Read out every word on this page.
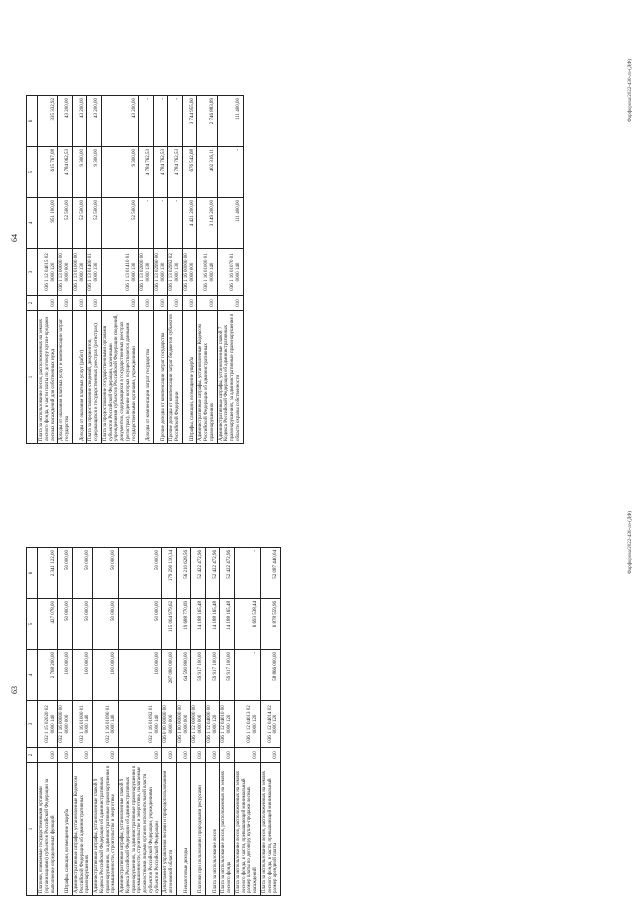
64
1	2	3	4	5	6
Плата за использование лесов, расположенных на землях лесного фонда, в части платы по договору купли-продажи лесных насаждений для собственных нужд	010	036 1 12 04015 02 0000 120	951 100,00	615 767,08	335 332,92
Доходы от оказания платных услуг и компенсации затрат государства	010	036 1 13 00000 00 0000 000	52 500,00	4 784 062,53	43 200,00
Доходы от оказания платных услуг (работ)	010	036 1 13 01000 00 0000 130	52 500,00	9 300,00	43 200,00
Плата за предоставление сведений, документов, содержащихся в государственных реестрах (регистрах)	010	036 1 13 01400 01 0000 130	52 500,00	9 300,00	43 200,00
Плата за предоставление государственными органами субъектов Российской Федерации, казенными учреждениями субъектов Российской Федерации сведений, документов, содержащихся в государственных реестрах (регистрах), ведение которых осуществляется данными государственными органами, учреждениями	010	036 1 13 01410 01 0000 130	52 500,00	9 300,00	43 200,00
Доходы от компенсации затрат государства	010	036 1 13 02000 00 0000 130	-	4 784 762,53	-
Прочие доходы от компенсации затрат государства	010	036 1 13 02990 00 0000 130	-	4 784 762,53	-
Прочие доходы от компенсации затрат бюджетов субъектов Российской Федерации	010	036 1 13 02992 02 0000 130	-	4 784 762,53	-
Штрафы, санкции, возмещение ущерба	010	036 1 16 00000 00 0000 000	4 421 200,00	676 542,68	3 744 955,60
Административные штрафы, установленные Кодексом Российской Федерации об административных правонарушениях	010	036 1 16 01000 01 0000 140	3 149 200,00	402 316,11	2 746 883,89
Административные штрафы, установленные главой 7 Кодекса Российской Федерации об административных правонарушениях, за административные правонарушения в области охраны собственности	010	036 1 16 01070 01 0000 140	111 400,00	-	111 400,00	Фарфорова/2022-430-лз-(ДФ)
63
1	2	3	4	5	6
Платежи, взимаемые государственными органами (организациями) субъектов Российской Федерации за выполнение определенных функций	010	032 1 15 02020 02 0000 140	2 768 200,00	427 078,00	2 341 122,00
Штрафы, санкции, возмещение ущерба	010	032 1 16 00000 00 0000 000	100 000,00	50 000,00	50 000,00
Административные штрафы, установленные Кодексом Российской Федерации об административных правонарушениях	010	032 1 16 01000 01 0000 140	100 000,00	50 000,00	50 000,00
Административные штрафы, установленные главой 9 Кодекса Российской Федерации об административных правонарушениях, за административные правонарушения в промышленности, строительстве и энергетике	010	032 1 16 01090 01 0000 140	100 000,00	50 000,00	50 000,00
Административные штрафы, установленные главой 9 Кодекса Российской Федерации об административных правонарушениях, за административные правонарушения в промышленности, строительстве и энергетике, налагаемые должностными лицами органов исполнительной власти субъектов Российской Федерации, учреждениями субъектов Российской Федерации	010	032 1 16 01092 01 0000 140	100 000,00	50 000,00	50 000,00
Департамент управления лесами и природопользованием автономной области	010	036 0 00 00000 00 0000 000	287 080 000,00	115 064 979,62	179 290 110,34
Неналоговые доходы	010	036 1 00 00000 00 0000 000	64 590 800,00	19 688 770,69	56 210 628,56
Платежи при пользовании природными ресурсами	010	036 1 12 00000 00 0000 000	59 917 100,00	14 188 165,48	52 422 472,96
Плата за использование лесов	010	036 1 12 04000 00 0000 120	59 917 100,00	14 188 165,48	52 422 472,96
Плата за использование лесов, расположенных на землях лесного фонда	010	036 1 12 04010 00 0000 120	59 917 100,00	14 188 165,48	52 422 472,96
Плата за использование лесов, расположенных на землях лесного фонда, в части, превышающей минимальный размер платы по договору купли-продажи лесных насаждений	010	036 1 12 04013 02 0000 120	-	6 693 538,44	-
Плата за использование лесов, расположенных на землях лесного фонда, в части, превышающей минимальный размер арендной платы	010	036 1 12 04014 02 0000 120	58 866 000,00	6 878 559,96	52 087 440,04	Фарфорова/2022-430-лз-(ДФ)
